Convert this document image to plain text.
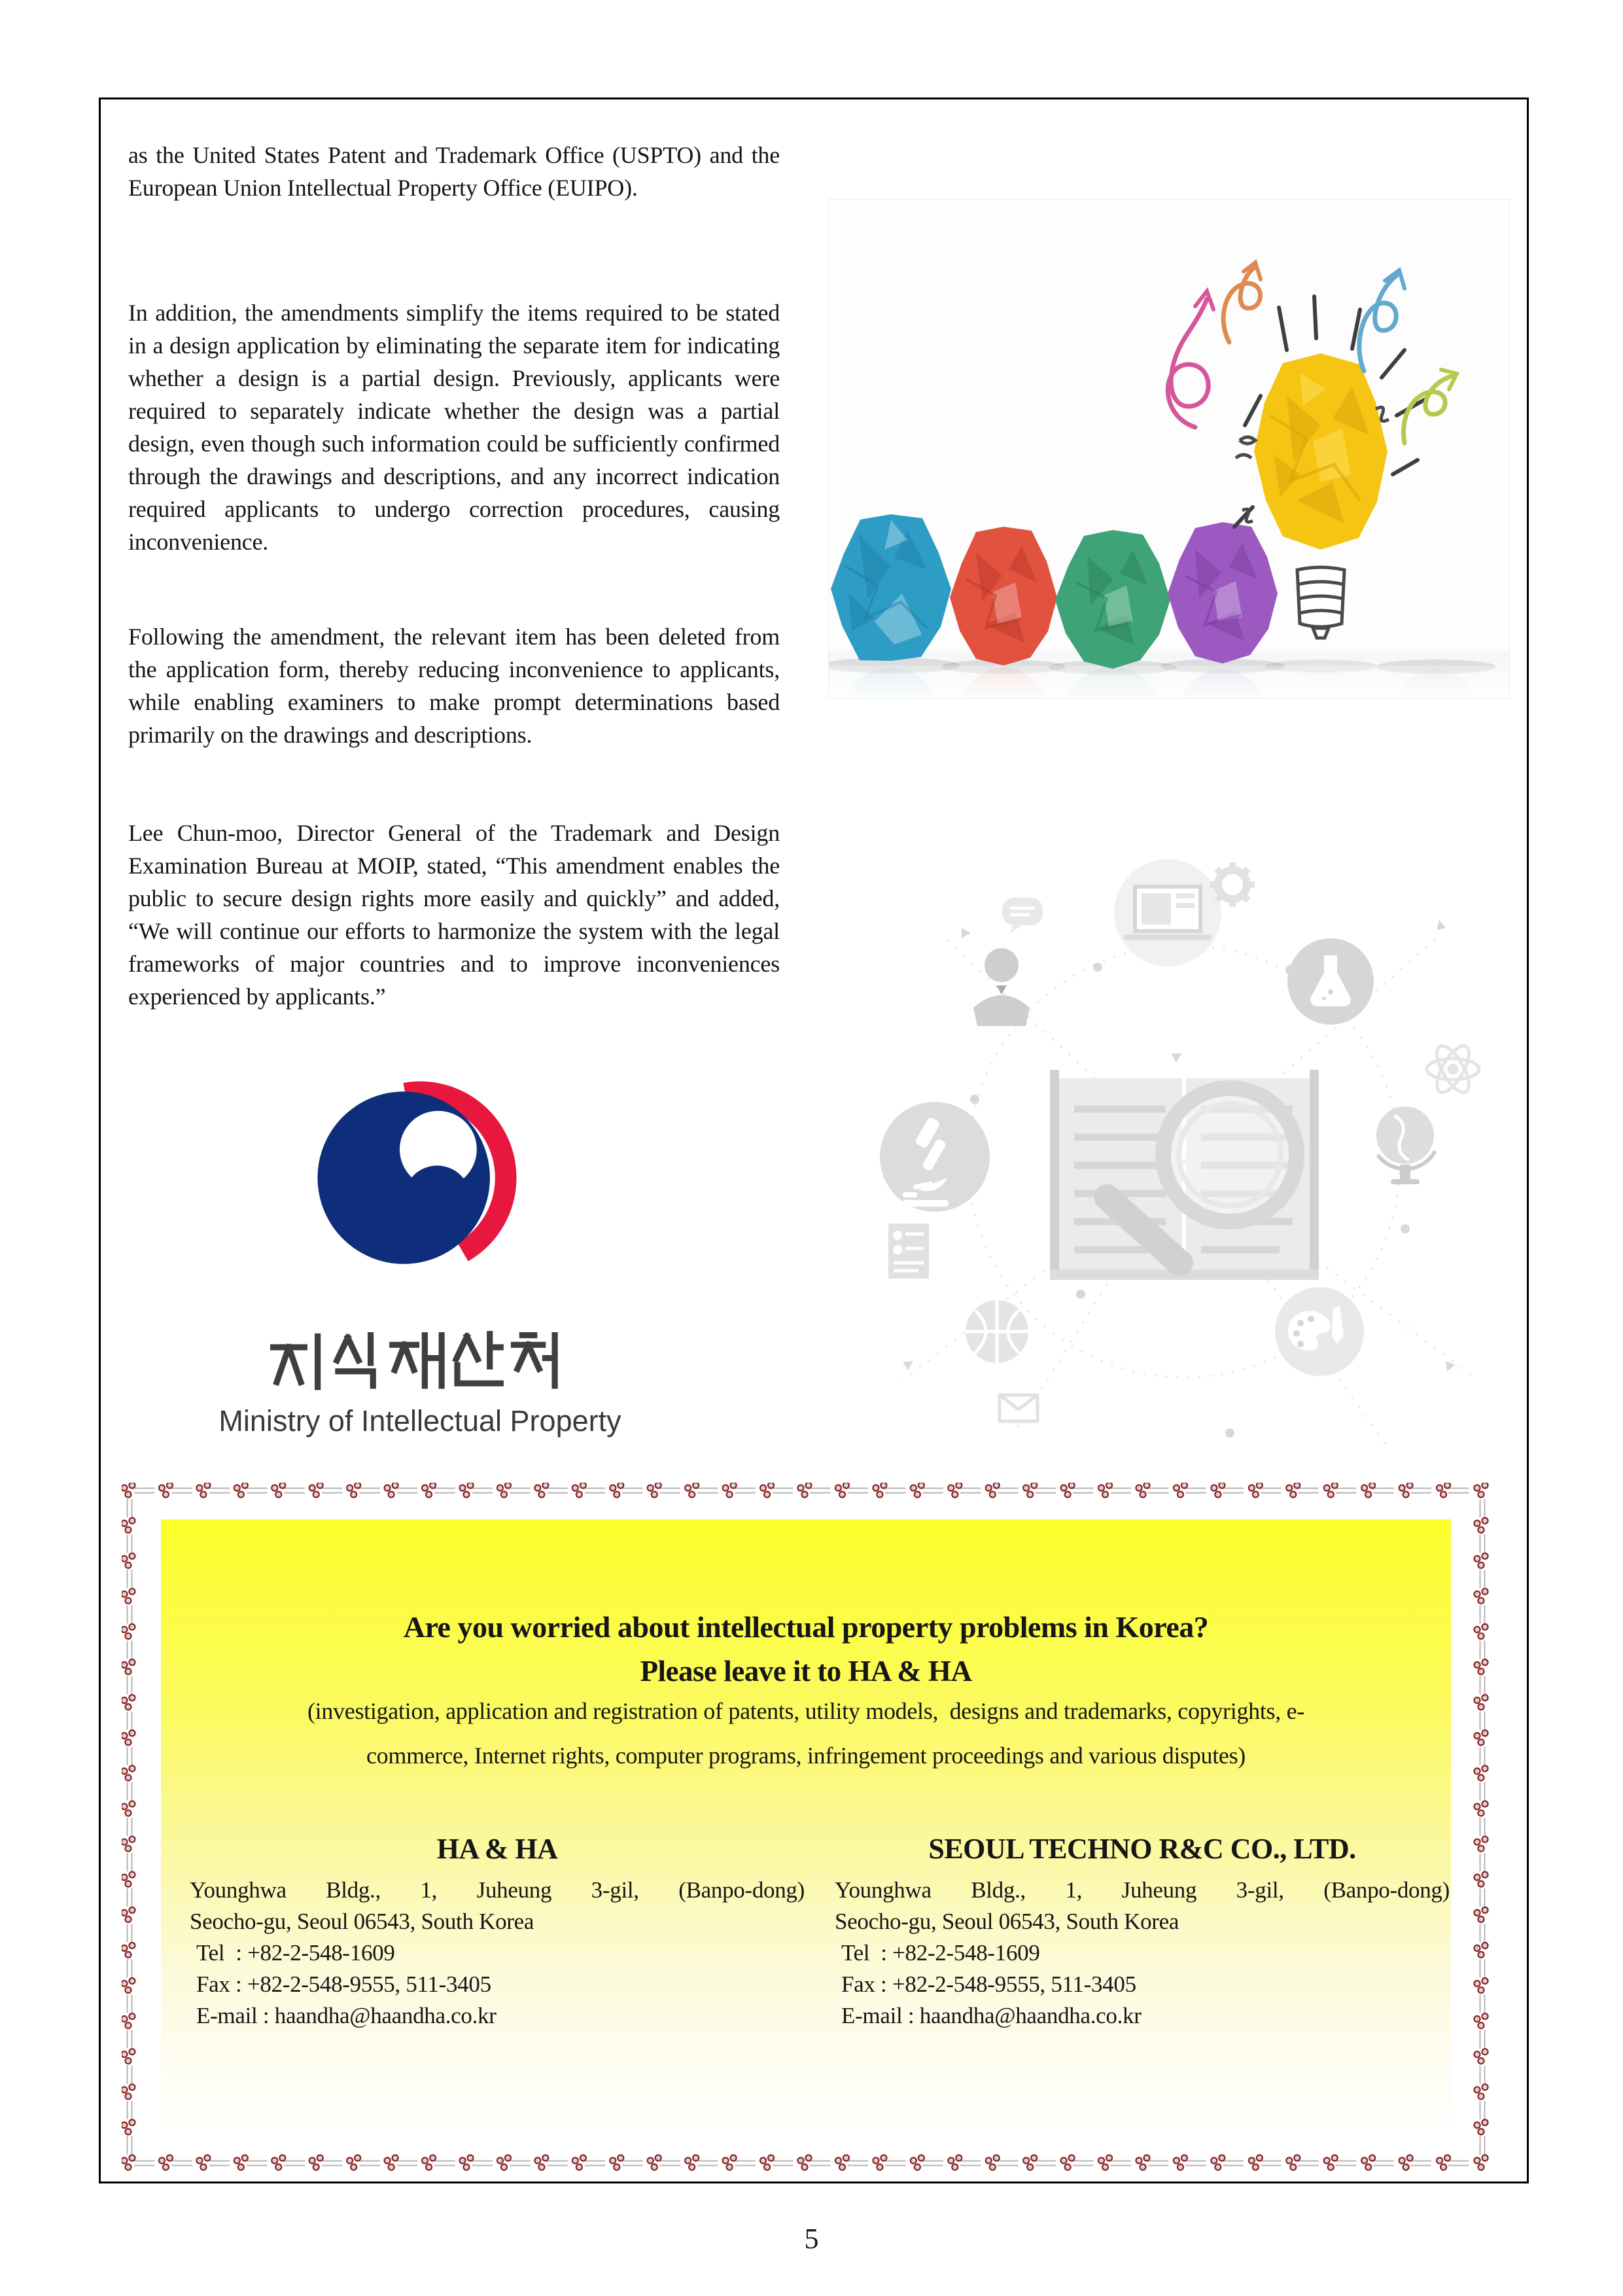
as the United States Patent and Trademark Office (USPTO) and the European Union Intellectual Property Office (EUIPO).
In addition, the amendments simplify the items required to be stated in a design application by eliminating the separate item for indicating whether a design is a partial design. Previously, applicants were required to separately indicate whether the design was a partial design, even though such information could be sufficiently confirmed through the drawings and descriptions, and any incorrect indication required applicants to undergo correction procedures, causing inconvenience.
Following the amendment, the relevant item has been deleted from the application form, thereby reducing inconvenience to applicants, while enabling examiners to make prompt determinations based primarily on the drawings and descriptions.
Lee Chun-moo, Director General of the Trademark and Design Examination Bureau at MOIP, stated, “This amendment enables the public to secure design rights more easily and quickly” and added, “We will continue our efforts to harmonize the system with the legal frameworks of major countries and to improve inconveniences experienced by applicants.”
Ministry of Intellectual Property
Are you worried about intellectual property problems in Korea?
Please leave it to HA & HA
(investigation, application and registration of patents, utility models,  designs and trademarks, copyrights, e-
commerce, Internet rights, computer programs, infringement proceedings and various disputes)
HA & HA
Younghwa Bldg., 1, Juheung 3-gil, (Banpo-dong)
Seocho-gu, Seoul 06543, South Korea
Tel  : +82-2-548-1609
Fax : +82-2-548-9555, 511-3405
E-mail : haandha@haandha.co.kr
SEOUL TECHNO R&C CO., LTD.
Younghwa Bldg., 1, Juheung 3-gil, (Banpo-dong)
Seocho-gu, Seoul 06543, South Korea
Tel  : +82-2-548-1609
Fax : +82-2-548-9555, 511-3405
E-mail : haandha@haandha.co.kr
5
